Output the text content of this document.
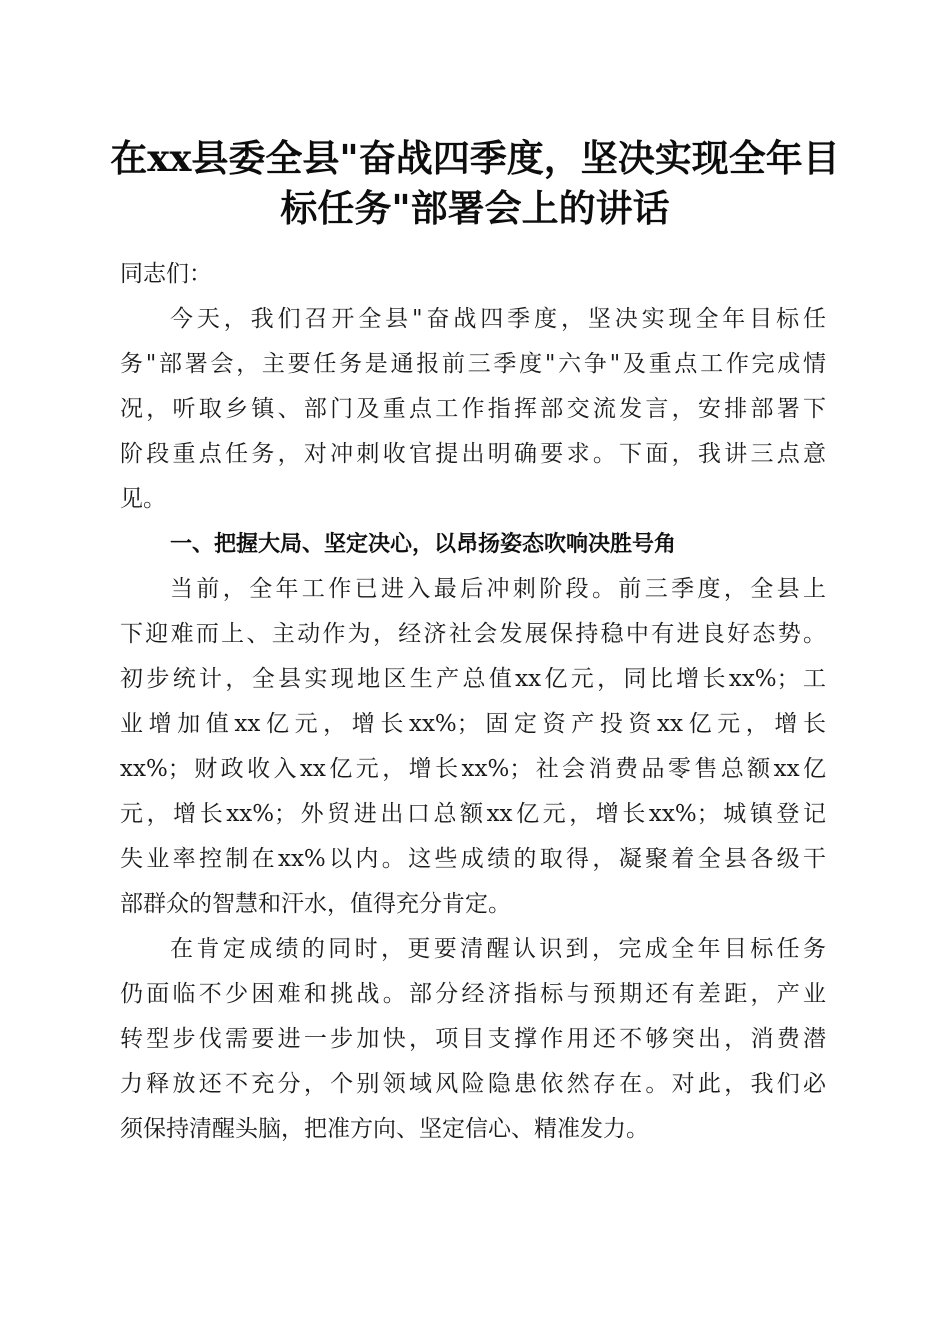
在xx县委全县"奋战四季度，坚决实现全年目
标任务"部署会上的讲话
同志们：
今天，我们召开全县"奋战四季度，坚决实现全年目标任
务"部署会，主要任务是通报前三季度"六争"及重点工作完成情
况，听取乡镇、部门及重点工作指挥部交流发言，安排部署下
阶段重点任务，对冲刺收官提出明确要求。下面，我讲三点意
见。
一、把握大局、坚定决心，以昂扬姿态吹响决胜号角
当前，全年工作已进入最后冲刺阶段。前三季度，全县上
下迎难而上、主动作为，经济社会发展保持稳中有进良好态势。
初步统计，全县实现地区生产总值xx亿元，同比增长xx%；工
业增加值xx亿元，增长xx%；固定资产投资xx亿元，增长
xx%；财政收入xx亿元，增长xx%；社会消费品零售总额xx亿
元，增长xx%；外贸进出口总额xx亿元，增长xx%；城镇登记
失业率控制在xx%以内。这些成绩的取得，凝聚着全县各级干
部群众的智慧和汗水，值得充分肯定。
在肯定成绩的同时，更要清醒认识到，完成全年目标任务
仍面临不少困难和挑战。部分经济指标与预期还有差距，产业
转型步伐需要进一步加快，项目支撑作用还不够突出，消费潜
力释放还不充分，个别领域风险隐患依然存在。对此，我们必
须保持清醒头脑，把准方向、坚定信心、精准发力。
